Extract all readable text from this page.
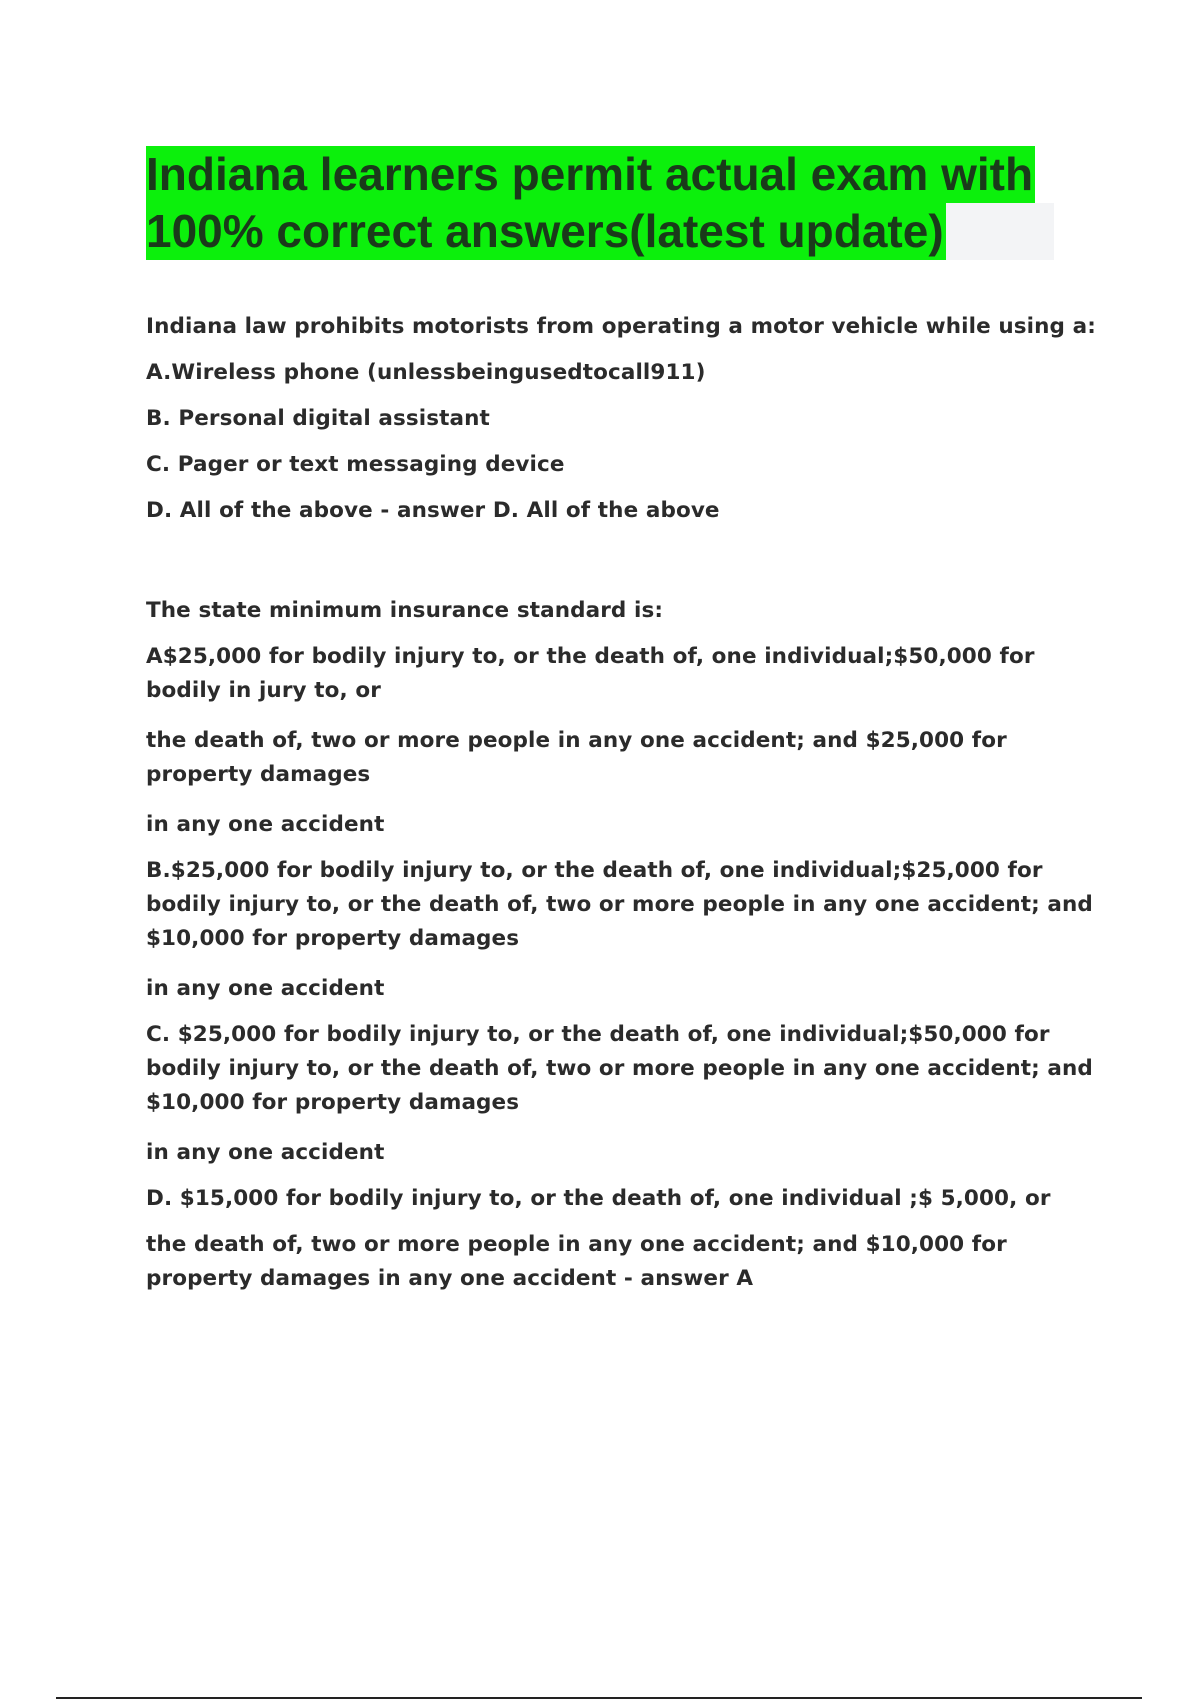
Indiana learners permit actual exam with
100% correct answers(latest update)

Indiana law prohibits motorists from operating a motor vehicle while using a:

A.Wireless phone (unlessbeingusedtocall911)

B. Personal digital assistant

C. Pager or text messaging device

D. All of the above - answer D. All of the above

The state minimum insurance standard is:

A$25,000 for bodily injury to, or the death of, one individual;$50,000 for bodily in jury to, or

the death of, two or more people in any one accident; and $25,000 for property damages

in any one accident

B.$25,000 for bodily injury to, or the death of, one individual;$25,000 for bodily injury to, or the death of, two or more people in any one accident; and $10,000 for property damages

in any one accident

C. $25,000 for bodily injury to, or the death of, one individual;$50,000 for bodily injury to, or the death of, two or more people in any one accident; and $10,000 for property damages

in any one accident

D. $15,000 for bodily injury to, or the death of, one individual ;$ 5,000, or

the death of, two or more people in any one accident; and $10,000 for property damages in any one accident - answer A
